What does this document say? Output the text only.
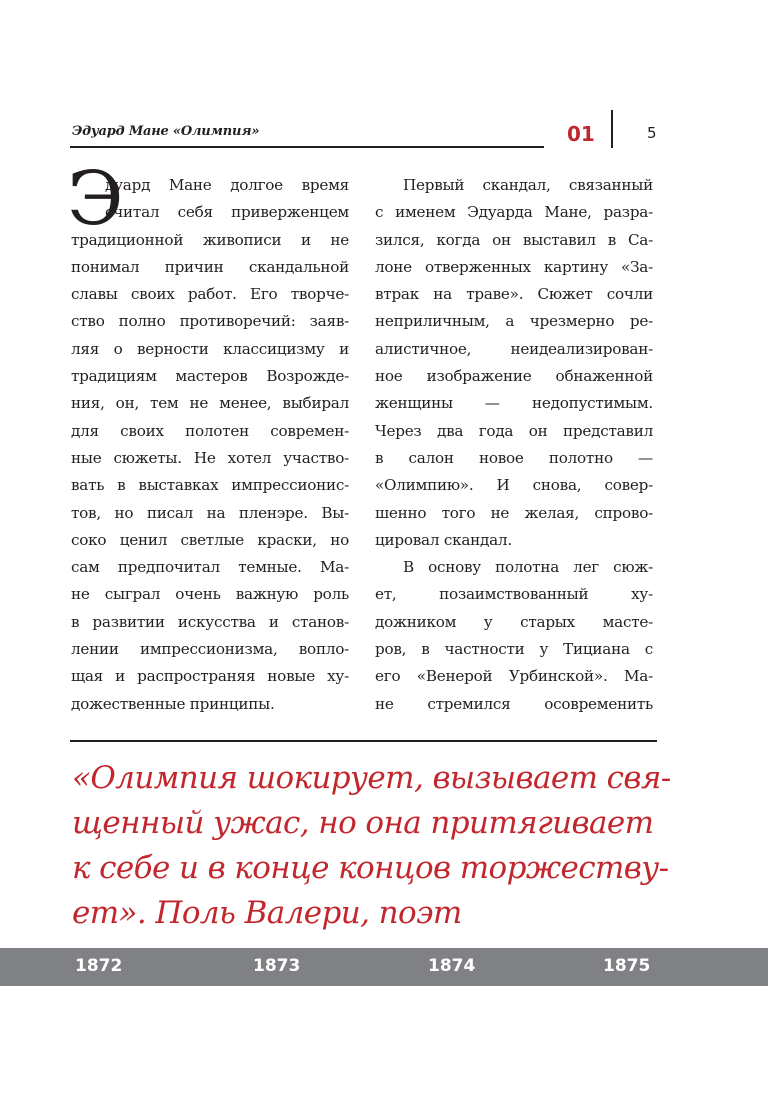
Эдуард Мане «Олимпия»	01	5
Э
дуард Мане долгое время
считал себя приверженцем
традиционной живописи и не
понимал причин скандальной
славы своих работ. Его творче-
ство полно противоречий: заяв-
ляя о верности классицизму и
традициям мастеров Возрожде-
ния, он, тем не менее, выбирал
для своих полотен современ-
ные сюжеты. Не хотел участво-
вать в выставках импрессионис-
тов, но писал на пленэре. Вы-
соко ценил светлые краски, но
сам предпочитал темные. Ма-
не сыграл очень важную роль
в развитии искусства и станов-
лении импрессионизма, вопло-
щая и распространяя новые ху-
дожественные принципы.
Первый скандал, связанный
с именем Эдуарда Мане, разра-
зился, когда он выставил в Са-
лоне отверженных картину «За-
втрак на траве». Сюжет сочли
неприличным, а чрезмерно ре-
алистичное, неидеализирован-
ное изображение обнаженной
женщины — недопустимым.
Через два года он представил
в салон новое полотно —
«Олимпию». И снова, совер-
шенно того не желая, спрово-
цировал скандал.
В основу полотна лег сюж-
ет, позаимствованный ху-
дожником у старых масте-
ров, в частности у Тициана с
его «Венерой Урбинской». Ма-
не стремился осовременить
«Олимпия шокирует, вызывает свя-
щенный ужас, но она притягивает
к себе и в конце концов торжеству-
ет». Поль Валери, поэт
1872	1873	1874	1875
